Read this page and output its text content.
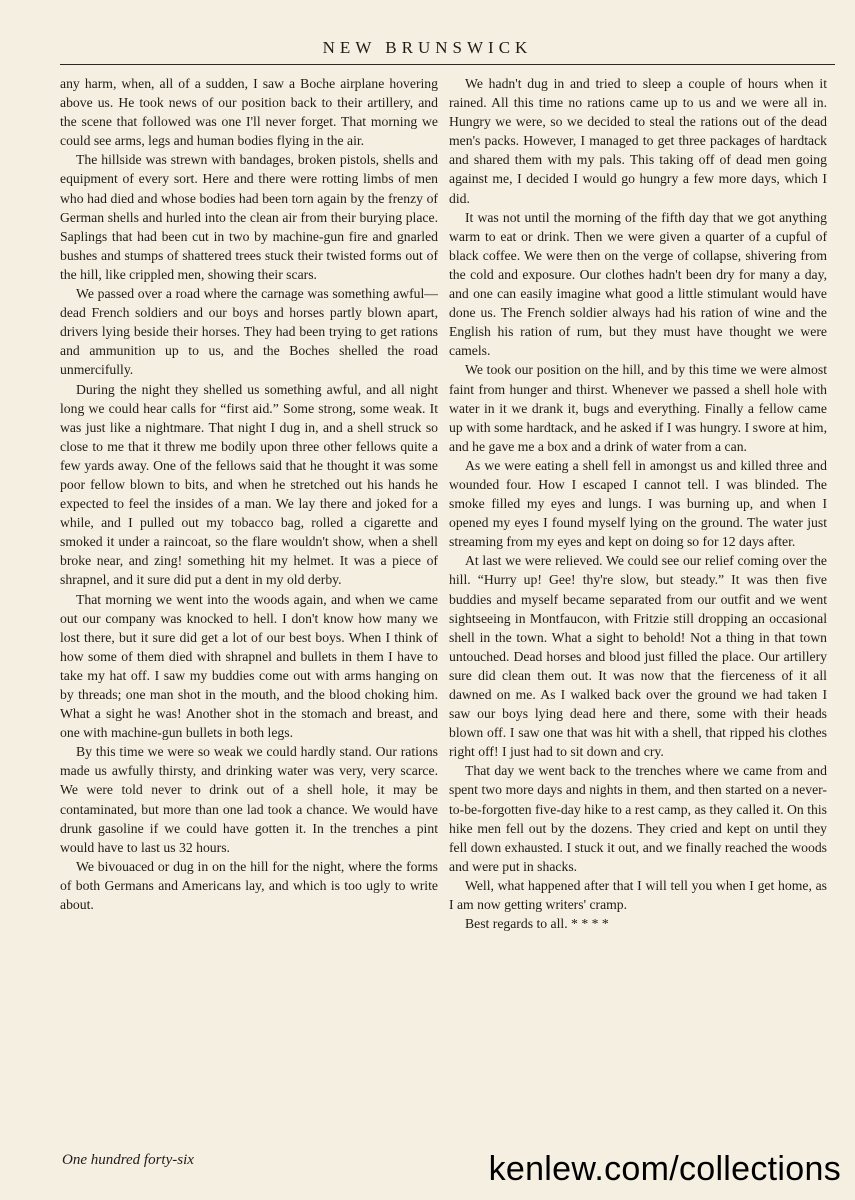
NEW BRUNSWICK

any harm, when, all of a sudden, I saw a Boche airplane hovering above us. He took news of our position back to their artillery, and the scene that followed was one I'll never forget. That morning we could see arms, legs and human bodies flying in the air.

The hillside was strewn with bandages, broken pistols, shells and equipment of every sort. Here and there were rotting limbs of men who had died and whose bodies had been torn again by the frenzy of German shells and hurled into the clean air from their burying place. Saplings that had been cut in two by machine-gun fire and gnarled bushes and stumps of shattered trees stuck their twisted forms out of the hill, like crippled men, showing their scars.

We passed over a road where the carnage was something awful—dead French soldiers and our boys and horses partly blown apart, drivers lying beside their horses. They had been trying to get rations and ammunition up to us, and the Boches shelled the road unmercifully.

During the night they shelled us something awful, and all night long we could hear calls for “first aid.” Some strong, some weak. It was just like a nightmare. That night I dug in, and a shell struck so close to me that it threw me bodily upon three other fellows quite a few yards away. One of the fellows said that he thought it was some poor fellow blown to bits, and when he stretched out his hands he expected to feel the insides of a man. We lay there and joked for a while, and I pulled out my tobacco bag, rolled a cigarette and smoked it under a raincoat, so the flare wouldn't show, when a shell broke near, and zing! something hit my helmet. It was a piece of shrapnel, and it sure did put a dent in my old derby.

That morning we went into the woods again, and when we came out our company was knocked to hell. I don't know how many we lost there, but it sure did get a lot of our best boys. When I think of how some of them died with shrapnel and bullets in them I have to take my hat off. I saw my buddies come out with arms hanging on by threads; one man shot in the mouth, and the blood choking him. What a sight he was! Another shot in the stomach and breast, and one with machine-gun bullets in both legs.

By this time we were so weak we could hardly stand. Our rations made us awfully thirsty, and drinking water was very, very scarce. We were told never to drink out of a shell hole, it may be contaminated, but more than one lad took a chance. We would have drunk gasoline if we could have gotten it. In the trenches a pint would have to last us 32 hours.

We bivouaced or dug in on the hill for the night, where the forms of both Germans and Americans lay, and which is too ugly to write about.

We hadn't dug in and tried to sleep a couple of hours when it rained. All this time no rations came up to us and we were all in. Hungry we were, so we decided to steal the rations out of the dead men's packs. However, I managed to get three packages of hardtack and shared them with my pals. This taking off of dead men going against me, I decided I would go hungry a few more days, which I did.

It was not until the morning of the fifth day that we got anything warm to eat or drink. Then we were given a quarter of a cupful of black coffee. We were then on the verge of collapse, shivering from the cold and exposure. Our clothes hadn't been dry for many a day, and one can easily imagine what good a little stimulant would have done us. The French soldier always had his ration of wine and the English his ration of rum, but they must have thought we were camels.

We took our position on the hill, and by this time we were almost faint from hunger and thirst. Whenever we passed a shell hole with water in it we drank it, bugs and everything. Finally a fellow came up with some hardtack, and he asked if I was hungry. I swore at him, and he gave me a box and a drink of water from a can.

As we were eating a shell fell in amongst us and killed three and wounded four. How I escaped I cannot tell. I was blinded. The smoke filled my eyes and lungs. I was burning up, and when I opened my eyes I found myself lying on the ground. The water just streaming from my eyes and kept on doing so for 12 days after.

At last we were relieved. We could see our relief coming over the hill. “Hurry up! Gee! thy're slow, but steady.” It was then five buddies and myself became separated from our outfit and we went sightseeing in Montfaucon, with Fritzie still dropping an occasional shell in the town. What a sight to behold! Not a thing in that town untouched. Dead horses and blood just filled the place. Our artillery sure did clean them out. It was now that the fierceness of it all dawned on me. As I walked back over the ground we had taken I saw our boys lying dead here and there, some with their heads blown off. I saw one that was hit with a shell, that ripped his clothes right off! I just had to sit down and cry.

That day we went back to the trenches where we came from and spent two more days and nights in them, and then started on a never-to-be-forgotten five-day hike to a rest camp, as they called it. On this hike men fell out by the dozens. They cried and kept on until they fell down exhausted. I stuck it out, and we finally reached the woods and were put in shacks.

Well, what happened after that I will tell you when I get home, as I am now getting writers' cramp.

Best regards to all. * * * *

One hundred forty-six	kenlew.com/collections
